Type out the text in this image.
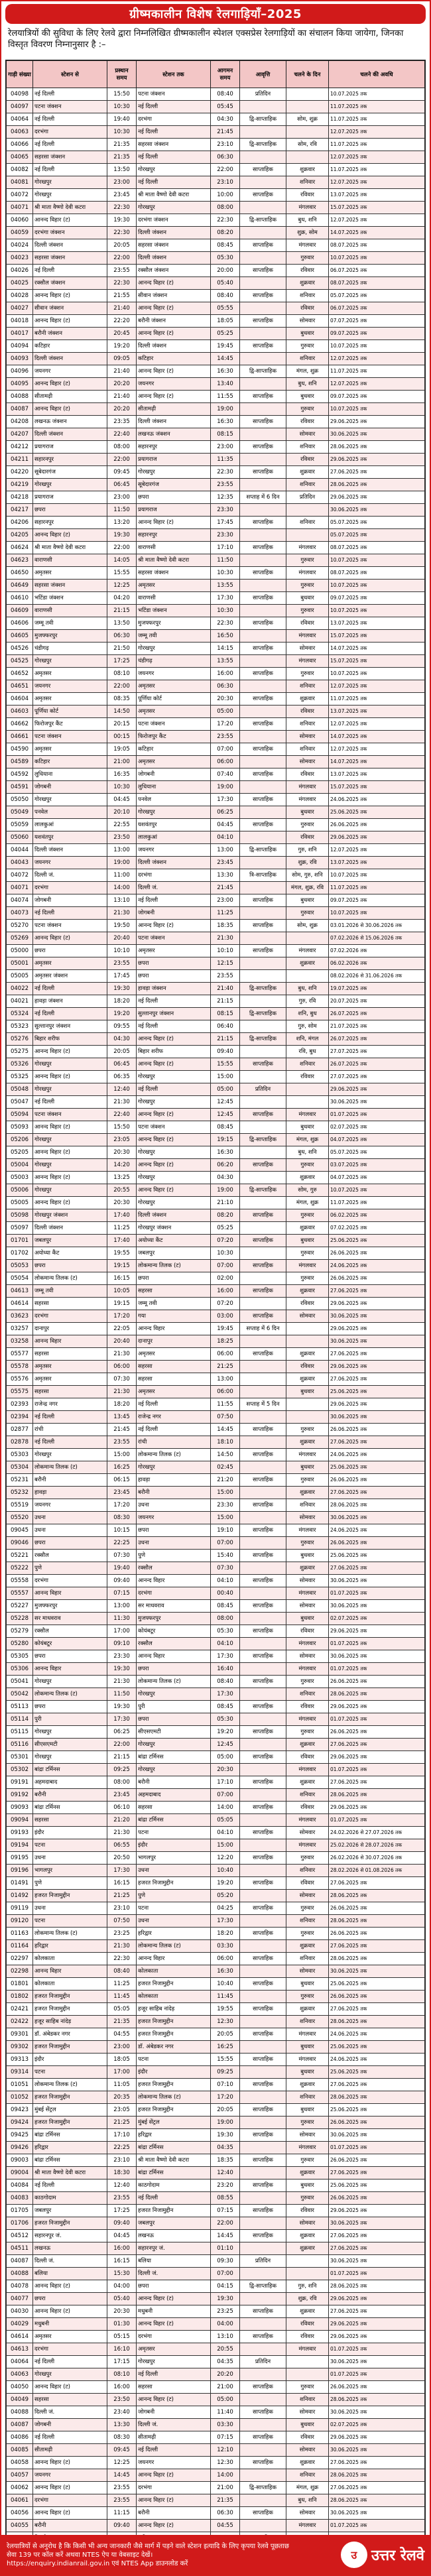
ग्रीष्मकालीन विशेष रेलगाड़ियाँ–2025
रेलयात्रियों की सुविधा के लिए रेलवे द्वारा निम्नलिखित ग्रीष्मकालीन स्पेशल एक्सप्रेस रेलगाड़ियों का संचालन किया जायेगा, जिनका विस्तृत विवरण निम्नानुसार है :–
गाड़ी संख्या	स्टेशन से	प्रस्थान समय	स्टेशन तक	आगमन समय	आवृत्ति	चलने के दिन	चलने की अवधि
04098	नई दिल्ली	15:50	पटना जंक्शन	08:40	प्रतिदिन		10.07.2025 तक
04097	पटना जंक्शन	10:30	नई दिल्ली	05:45			11.07.2025 तक
04064	नई दिल्ली	19:40	दरभंगा	04:30	द्वि-साप्ताहिक	सोम, शुक्र	11.07.2025 तक
04063	दरभंगा	10:30	नई दिल्ली	21:45			12.07.2025 तक
04066	नई दिल्ली	21:35	सहरसा जंक्शन	23:10	द्वि-साप्ताहिक	सोम, रवि	11.07.2025 तक
04065	सहरसा जंक्शन	21:35	नई दिल्ली	06:30			12.07.2025 तक
04082	नई दिल्ली	13:50	गोरखपुर	22:00	साप्ताहिक	शुक्रवार	11.07.2025 तक
04081	गोरखपुर	23:00	नई दिल्ली	23:10		शनिवार	12.07.2025 तक
04072	गोरखपुर	23:45	श्री माता वैष्णो देवी कटरा	10:00	साप्ताहिक	रविवार	13.07.2025 तक
04071	श्री माता वैष्णो देवी कटरा	22:30	गोरखपुर	08:00		मंगलवार	15.07.2025 तक
04060	आनन्द विहार (ट)	19:30	दरभंगा जंक्शन	22:30	द्वि-साप्ताहिक	बुध, शनि	12.07.2025 तक
04059	दरभंगा जंक्शन	22:30	दिल्ली जंक्शन	08:20		शुक्र, सोम	14.07.2025 तक
04024	दिल्ली जंक्शन	20:05	सहरसा जंक्शन	08:45	साप्ताहिक	मंगलवार	08.07.2025 तक
04023	सहरसा जंक्शन	22:00	दिल्ली जंक्शन	05:30		गुरुवार	10.07.2025 तक
04026	नई दिल्ली	23:55	रक्सौल जंक्शन	20:00	साप्ताहिक	रविवार	06.07.2025 तक
04025	रक्सौल जंक्शन	22:30	आनन्द विहार (ट)	05:40		शुक्रवार	08.07.2025 तक
04028	आनन्द विहार (ट)	21:55	सीवान जंक्शन	08:40	साप्ताहिक	शनिवार	05.07.2025 तक
04027	सीवान जंक्शन	21:40	आनन्द विहार (ट)	05:55		रविवार	06.07.2025 तक
04018	आनन्द विहार (ट)	22:20	बरौनी जंक्शन	18:05	साप्ताहिक	सोमवार	07.07.2025 तक
04017	बरौनी जंक्शन	20:45	आनन्द विहार (ट)	05:25		बुधवार	09.07.2025 तक
04094	कटिहार	19:20	दिल्ली जंक्शन	19:45	साप्ताहिक	गुरुवार	10.07.2025 तक
04093	दिल्ली जंक्शन	09:05	कटिहार	14:45		शनिवार	12.07.2025 तक
04096	जयनगर	21:40	आनन्द विहार (ट)	16:30	द्वि-साप्ताहिक	मंगल, शुक्र	11.07.2025 तक
04095	आनन्द विहार (ट)	20:20	जयनगर	13:40		बुध, शनि	12.07.2025 तक
04088	सीतामढ़ी	21:40	आनन्द विहार (ट)	11:55	साप्ताहिक	बुधवार	09.07.2025 तक
04087	आनन्द विहार (ट)	20:20	सीतामढ़ी	19:00		गुरुवार	10.07.2025 तक
04208	लखनऊ जंक्शन	23:35	दिल्ली जंक्शन	16:30	साप्ताहिक	रविवार	29.06.2025 तक
04207	दिल्ली जंक्शन	22:40	लखनऊ जंक्शन	08:15		सोमवार	30.06.2025 तक
04212	प्रयागराज	08:00	सहारनपुर	23:00	साप्ताहिक	शनिवार	28.06.2025 तक
04211	सहारनपुर	22:00	प्रयागराज	11:35		रविवार	29.06.2025 तक
04220	सूबेदारगंज	09:45	गोरखपुर	22:30	साप्ताहिक	शुक्रवार	27.06.2025 तक
04219	गोरखपुर	06:45	सूबेदारगंज	23:55		शनिवार	28.06.2025 तक
04218	प्रयागराज	23:00	छपरा	12:35	सप्ताह में 6 दिन	प्रतिदिन	29.06.2025 तक
04217	छपरा	11:50	प्रयागराज	23:30			30.06.2025 तक
04206	सहारनपुर	13:20	आनन्द विहार (ट)	17:45	साप्ताहिक	शनिवार	05.07.2025 तक
04205	आनन्द विहार (ट)	19:30	सहारनपुर	23:30			05.07.2025 तक
04624	श्री माता वैष्णो देवी कटरा	22:00	वाराणसी	17:10	साप्ताहिक	मंगलवार	08.07.2025 तक
04623	वाराणसी	14:05	श्री माता वैष्णो देवी कटरा	11:50		गुरुवार	10.07.2025 तक
04650	अमृतसर	15:55	सहरसा जंक्शन	10:30	साप्ताहिक	मंगलवार	08.07.2025 तक
04649	सहरसा जंक्शन	12:25	अमृतसर	13:55		गुरुवार	10.07.2025 तक
04610	भटिंडा जंक्शन	04:20	वाराणसी	17:30	साप्ताहिक	बुधवार	09.07.2025 तक
04609	वाराणसी	21:15	भटिंडा जंक्शन	10:30		गुरुवार	10.07.2025 तक
04606	जम्मू तवी	13:50	मुजफ्फरपुर	22:30	साप्ताहिक	रविवार	13.07.2025 तक
04605	मुजफ्फरपुर	06:30	जम्मू तवी	16:50		मंगलवार	15.07.2025 तक
04526	चंडीगढ़	21:50	गोरखपुर	14:15	साप्ताहिक	सोमवार	14.07.2025 तक
04525	गोरखपुर	17:25	चंडीगढ़	13:55		मंगलवार	15.07.2025 तक
04652	अमृतसर	08:10	जयनगर	16:00	साप्ताहिक	गुरुवार	10.07.2025 तक
04651	जयनगर	22:00	अमृतसर	06:30		शनिवार	12.07.2025 तक
04604	अमृतसर	08:35	पूर्णिया कोर्ट	20:30	साप्ताहिक	शुक्रवार	11.07.2025 तक
04603	पूर्णिया कोर्ट	14:50	अमृतसर	05:00		रविवार	13.07.2025 तक
04662	फिरोजपुर कैंट	20:15	पटना जंक्शन	17:20	साप्ताहिक	शनिवार	12.07.2025 तक
04661	पटना जंक्शन	00:15	फिरोजपुर कैंट	23:55		सोमवार	14.07.2025 तक
04590	अमृतसर	19:05	कटिहार	07:00	साप्ताहिक	शनिवार	12.07.2025 तक
04589	कटिहार	21:00	अमृतसर	06:00		सोमवार	14.07.2025 तक
04592	लुधियाना	16:35	जोगबनी	07:40	साप्ताहिक	रविवार	13.07.2025 तक
04591	जोगबनी	10:30	लुधियाना	19:00		मंगलवार	15.07.2025 तक
05050	गोरखपुर	04:45	पनवेल	17:30	साप्ताहिक	मंगलवार	24.06.2025 तक
05049	पनवेल	20:10	गोरखपुर	06:25		बुधवार	25.06.2025 तक
05059	लालकुआं	22:55	यशवंतपुर	04:45	साप्ताहिक	गुरुवार	26.06.2025 तक
05060	यशवंतपुर	23:50	लालकुआं	04:10		रविवार	29.06.2025 तक
04044	दिल्ली जंक्शन	13:00	जयनगर	13:00	द्वि-साप्ताहिक	गुरु, शनि	12.07.2025 तक
04043	जयनगर	19:00	दिल्ली जंक्शन	23:45		शुक्र, रवि	13.07.2025 तक
04072	दिल्ली जं.	11:00	दरभंगा	13:30	त्रि-साप्ताहिक	सोम, गुरु, शनि	10.07.2025 तक
04071	दरभंगा	14:00	दिल्ली जं.	21:45		मंगल, शुक्र, रवि	11.07.2025 तक
04074	जोगबनी	13:10	नई दिल्ली	23:00	साप्ताहिक	बुधवार	09.07.2025 तक
04073	नई दिल्ली	21:30	जोगबनी	11:25		गुरुवार	10.07.2025 तक
05270	पटना जंक्शन	19:50	आनन्द विहार (ट)	18:35	साप्ताहिक	सोम, शुक्र	03.01.2026 से 30.06.2026 तक
05269	आनन्द विहार (ट)	20:40	पटना जंक्शन	21:30			07.02.2026 से 15.06.2026 तक
05000	छपरा	10:10	अमृतसर	10:10	साप्ताहिक	मंगलवार	07.02.2026 तक
05001	अमृतसर	23:55	छपरा	12:15		शुक्रवार	06.02.2026 तक
05005	अमृतसर जंक्शन	17:45	छपरा	23:55			08.02.2026 से 31.06.2026 तक
04022	नई दिल्ली	19:30	हावड़ा जंक्शन	21:40	द्वि-साप्ताहिक	बुध, शनि	19.07.2025 तक
04021	हावड़ा जंक्शन	18:20	नई दिल्ली	21:15		गुरु, रवि	20.07.2025 तक
05324	नई दिल्ली	19:20	सुल्तानपुर जंक्शन	08:15	द्वि-साप्ताहिक	शनि, बुध	26.07.2025 तक
05323	सुल्तानपुर जंक्शन	09:55	नई दिल्ली	06:40		गुरु, सोम	21.07.2025 तक
05276	बिहार शरीफ	04:30	आनन्द विहार (ट)	21:15	द्वि-साप्ताहिक	शनि, मंगल	26.07.2025 तक
05275	आनन्द विहार (ट)	20:05	बिहार शरीफ	09:40		रवि, बुध	27.07.2025 तक
05326	गोरखपुर	06:45	आनन्द विहार (ट)	15:55	साप्ताहिक	शनिवार	26.07.2025 तक
05325	आनन्द विहार (ट)	06:35	गोरखपुर	15:00		रविवार	27.07.2025 तक
05048	गोरखपुर	12:40	नई दिल्ली	05:00	प्रतिदिन		29.06.2025 तक
05047	नई दिल्ली	21:30	गोरखपुर	12:45			30.06.2025 तक
05094	पटना जंक्शन	22:40	आनन्द विहार (ट)	12:45	साप्ताहिक	मंगलवार	01.07.2025 तक
05093	आनन्द विहार (ट)	15:50	पटना जंक्शन	08:45		बुधवार	02.07.2025 तक
05206	गोरखपुर	23:05	आनन्द विहार (ट)	19:15	द्वि-साप्ताहिक	मंगल, शुक्र	04.07.2025 तक
05205	आनन्द विहार (ट)	20:30	गोरखपुर	16:30		बुध, शनि	05.07.2025 तक
05004	गोरखपुर	14:20	आनन्द विहार (ट)	06:20	साप्ताहिक	गुरुवार	03.07.2025 तक
05003	आनन्द विहार (ट)	13:25	गोरखपुर	04:30		शुक्रवार	04.07.2025 तक
05006	गोरखपुर	20:55	आनन्द विहार (ट)	19:00	द्वि-साप्ताहिक	सोम, गुरु	10.07.2025 तक
05005	आनन्द विहार (ट)	20:30	गोरखपुर	21:10		मंगल, शुक्र	11.07.2025 तक
05098	गोरखपुर जंक्शन	17:40	दिल्ली जंक्शन	08:20	साप्ताहिक	गुरुवार	06.02.2025 तक
05097	दिल्ली जंक्शन	11:25	गोरखपुर जंक्शन	05:25		शुक्रवार	07.02.2025 तक
01701	जबलपुर	17:40	अयोध्या कैंट	07:20	साप्ताहिक	बुधवार	25.06.2025 तक
01702	अयोध्या कैंट	19:55	जबलपुर	10:30		गुरुवार	26.06.2025 तक
05053	छपरा	19:15	लोकमान्य तिलक (ट)	07:00	साप्ताहिक	मंगलवार	24.06.2025 तक
05054	लोकमान्य तिलक (ट)	16:15	छपरा	02:00		गुरुवार	26.06.2025 तक
04613	जम्मू तवी	10:05	सहरसा	16:00	साप्ताहिक	शुक्रवार	27.06.2025 तक
04614	सहरसा	19:15	जम्मू तवी	07:20		रविवार	29.06.2025 तक
03623	दरभंगा	17:20	गया	03:00	साप्ताहिक	सोमवार	30.06.2025 तक
03257	दानापुर	22:05	आनन्द विहार	19:45	सप्ताह में 6 दिन		29.06.2025 तक
03258	आनन्द विहार	20:40	दानापुर	18:25			30.06.2025 तक
05577	सहरसा	21:30	अमृतसर	06:00	साप्ताहिक	शुक्रवार	27.06.2025 तक
05578	अमृतसर	06:00	सहरसा	21:25		रविवार	29.06.2025 तक
05576	अमृतसर	07:30	सहरसा	13:00		शुक्रवार	27.06.2025 तक
05575	सहरसा	21:30	अमृतसर	06:00		बुधवार	25.06.2025 तक
02393	राजेन्द्र नगर	18:20	नई दिल्ली	11:55	सप्ताह में 5 दिन		29.06.2025 तक
02394	नई दिल्ली	13:45	राजेन्द्र नगर	07:50			30.06.2025 तक
02877	रांची	21:45	नई दिल्ली	14:45	साप्ताहिक	गुरुवार	26.06.2025 तक
02878	नई दिल्ली	23:55	रांची	18:10		शुक्रवार	27.06.2025 तक
05303	गोरखपुर	15:00	लोकमान्य तिलक (ट)	14:50	साप्ताहिक	मंगलवार	24.06.2025 तक
05304	लोकमान्य तिलक (ट)	16:25	गोरखपुर	02:45		बुधवार	25.06.2025 तक
05231	बरौनी	06:15	हावड़ा	21:20	साप्ताहिक	गुरुवार	26.06.2025 तक
05232	हावड़ा	23:45	बरौनी	15:00		शुक्रवार	27.06.2025 तक
05519	जयनगर	17:20	उधना	23:30	साप्ताहिक	शनिवार	28.06.2025 तक
05520	उधना	08:30	जयनगर	15:00		सोमवार	30.06.2025 तक
09045	उधना	10:15	छपरा	19:10	साप्ताहिक	मंगलवार	24.06.2025 तक
09046	छपरा	22:25	उधना	07:00		गुरुवार	26.06.2025 तक
05221	रक्सौल	07:30	पुणे	15:40	साप्ताहिक	बुधवार	25.06.2025 तक
05222	पुणे	19:40	रक्सौल	07:30		शुक्रवार	27.06.2025 तक
05558	दरभंगा	09:40	आनन्द विहार	04:10	साप्ताहिक	सोमवार	30.06.2025 तक
05557	आनन्द विहार	07:15	दरभंगा	00:40		मंगलवार	01.07.2025 तक
05227	मुजफ्फरपुर	13:00	सर माधवराव	08:45	साप्ताहिक	सोमवार	30.06.2025 तक
05228	सर माधवराव	11:30	मुजफ्फरपुर	08:00		बुधवार	02.07.2025 तक
05279	रक्सौल	17:00	कोयंबटूर	05:30	साप्ताहिक	रविवार	29.06.2025 तक
05280	कोयंबटूर	09:10	रक्सौल	04:10		मंगलवार	01.07.2025 तक
05305	छपरा	23:30	आनन्द विहार	17:30	साप्ताहिक	सोमवार	30.06.2025 तक
05306	आनन्द विहार	19:30	छपरा	16:40		मंगलवार	01.07.2025 तक
05041	गोरखपुर	21:30	लोकमान्य तिलक (ट)	08:40	साप्ताहिक	गुरुवार	26.06.2025 तक
05042	लोकमान्य तिलक (ट)	11:50	गोरखपुर	17:30		शनिवार	28.06.2025 तक
05113	छपरा	19:30	पुरी	08:45	साप्ताहिक	रविवार	29.06.2025 तक
05114	पुरी	17:30	छपरा	05:30		मंगलवार	01.07.2025 तक
05115	गोरखपुर	06:25	सीएसएमटी	19:20	साप्ताहिक	गुरुवार	26.06.2025 तक
05116	सीएसएमटी	22:00	गोरखपुर	12:45		शुक्रवार	27.06.2025 तक
05301	गोरखपुर	21:15	बांद्रा टर्मिनस	05:00	साप्ताहिक	रविवार	29.06.2025 तक
05302	बांद्रा टर्मिनस	09:25	गोरखपुर	20:30		मंगलवार	01.07.2025 तक
09191	अहमदाबाद	08:00	बरौनी	17:10	साप्ताहिक	शुक्रवार	27.06.2025 तक
09192	बरौनी	23:45	अहमदाबाद	07:00		शनिवार	28.06.2025 तक
09093	बांद्रा टर्मिनस	06:10	सहरसा	14:00	साप्ताहिक	रविवार	29.06.2025 तक
09094	सहरसा	21:20	बांद्रा टर्मिनस	05:05		मंगलवार	01.07.2025 तक
09193	इंदौर	21:30	पटना	04:10	साप्ताहिक	सोमवार	24.02.2026 से 27.07.2026 तक
09194	पटना	06:55	इंदौर	15:00		मंगलवार	25.02.2026 से 28.07.2026 तक
09195	उधना	20:50	भागलपुर	12:20	साप्ताहिक	गुरुवार	26.02.2026 से 30.07.2026 तक
09196	भागलपुर	17:30	उधना	10:40		शनिवार	28.02.2026 से 01.08.2026 तक
01491	पुणे	16:15	हजरत निजामुद्दीन	19:20	साप्ताहिक	रविवार	27.06.2025 तक
01492	हजरत निजामुद्दीन	21:25	पुणे	05:20		सोमवार	28.06.2025 तक
09119	उधना	23:10	पटना	04:25	साप्ताहिक	गुरुवार	26.06.2025 तक
09120	पटना	07:50	उधना	17:30		शनिवार	28.06.2025 तक
01163	लोकमान्य तिलक (ट)	23:25	हरिद्वार	18:20	साप्ताहिक	गुरुवार	26.06.2025 तक
01164	हरिद्वार	21:30	लोकमान्य तिलक (ट)	03:30		शुक्रवार	27.06.2025 तक
02297	कोलकाता	22:30	आनन्द विहार	06:00	साप्ताहिक	शनिवार	28.06.2025 तक
02298	आनन्द विहार	08:40	कोलकाता	16:30		सोमवार	30.06.2025 तक
01801	कोलकाता	11:25	हजरत निजामुद्दीन	10:40	साप्ताहिक	बुधवार	25.06.2025 तक
01802	हजरत निजामुद्दीन	11:45	कोलकाता	11:45		गुरुवार	26.06.2025 तक
02421	हजरत निजामुद्दीन	05:05	हजूर साहिब नांदेड़	19:55	साप्ताहिक	शुक्रवार	27.06.2025 तक
02422	हजूर साहिब नांदेड़	21:35	हजरत निजामुद्दीन	12:30		शनिवार	28.06.2025 तक
09301	डॉ. अंबेडकर नगर	04:55	हजरत निजामुद्दीन	20:05	साप्ताहिक	मंगलवार	24.06.2025 तक
09302	हजरत निजामुद्दीन	23:00	डॉ. अंबेडकर नगर	16:25		बुधवार	25.06.2025 तक
09313	इंदौर	18:05	पटना	15:55	साप्ताहिक	मंगलवार	24.06.2025 तक
09314	पटना	17:00	इंदौर	09:25		बुधवार	25.06.2025 तक
01051	लोकमान्य तिलक (ट)	11:05	हजरत निजामुद्दीन	07:10	साप्ताहिक	शुक्रवार	27.06.2025 तक
01052	हजरत निजामुद्दीन	20:35	लोकमान्य तिलक (ट)	17:20		शनिवार	28.06.2025 तक
09423	मुंबई सेंट्रल	23:05	हजरत निजामुद्दीन	20:05	साप्ताहिक	बुधवार	25.06.2025 तक
09424	हजरत निजामुद्दीन	21:25	मुंबई सेंट्रल	19:00		गुरुवार	26.06.2025 तक
09425	बांद्रा टर्मिनस	17:10	हरिद्वार	19:30	साप्ताहिक	सोमवार	30.06.2025 तक
09426	हरिद्वार	22:25	बांद्रा टर्मिनस	04:35		मंगलवार	01.07.2025 तक
09003	बांद्रा टर्मिनस	23:10	श्री माता वैष्णो देवी कटरा	18:35	साप्ताहिक	गुरुवार	26.06.2025 तक
09004	श्री माता वैष्णो देवी कटरा	18:30	बांद्रा टर्मिनस	12:40		शुक्रवार	27.06.2025 तक
04084	नई दिल्ली	12:40	काठगोदाम	23:20	साप्ताहिक	बुधवार	25.06.2025 तक
04083	काठगोदाम	23:55	नई दिल्ली	08:55		गुरुवार	26.06.2025 तक
01705	जबलपुर	17:25	हजरत निजामुद्दीन	07:15	साप्ताहिक	रविवार	29.06.2025 तक
01706	हजरत निजामुद्दीन	09:40	जबलपुर	22:00		सोमवार	30.06.2025 तक
04512	सहारनपुर जं.	04:45	लखनऊ	14:45	साप्ताहिक	शुक्रवार	27.06.2025 तक
04511	लखनऊ	16:00	सहारनपुर जं.	01:10		शुक्रवार	27.06.2025 तक
04087	दिल्ली जं.	16:15	बलिया	09:30	प्रतिदिन		30.06.2025 तक
04088	बलिया	15:30	दिल्ली जं.	07:00			01.07.2025 तक
04078	आनन्द विहार (ट)	04:00	छपरा	04:15	द्वि-साप्ताहिक	गुरु, शनि	28.06.2025 तक
04077	छपरा	05:40	आनन्द विहार (ट)	19:30		शुक्र, रवि	29.06.2025 तक
04030	आनन्द विहार (ट)	20:30	मधुबनी	23:25	साप्ताहिक	शुक्रवार	27.06.2025 तक
04029	मधुबनी	01:30	आनन्द विहार (ट)	04:00		रविवार	29.06.2025 तक
04614	अमृतसर	05:15	दरभंगा	13:10	साप्ताहिक	रविवार	29.06.2025 तक
04613	दरभंगा	16:10	अमृतसर	20:55		मंगलवार	01.07.2025 तक
04064	नई दिल्ली	17:15	गोरखपुर	04:35	प्रतिदिन		30.06.2025 तक
04063	गोरखपुर	08:10	नई दिल्ली	20:20			01.07.2025 तक
04050	आनन्द विहार (ट)	16:00	सहरसा	21:00	साप्ताहिक	गुरुवार	26.06.2025 तक
04049	सहरसा	23:50	आनन्द विहार (ट)	05:00		शनिवार	28.06.2025 तक
04088	दिल्ली जं.	23:40	जोगबनी	11:40	साप्ताहिक	सोमवार	30.06.2025 तक
04087	जोगबनी	13:30	दिल्ली जं.	03:30		बुधवार	02.07.2025 तक
04086	नई दिल्ली	08:30	सीतामढ़ी	07:15	साप्ताहिक	रविवार	29.06.2025 तक
04085	सीतामढ़ी	09:45	नई दिल्ली	12:10		सोमवार	30.06.2025 तक
04058	आनन्द विहार (ट)	12:25	जयनगर	12:30	साप्ताहिक	शुक्रवार	27.06.2025 तक
04057	जयनगर	14:45	आनन्द विहार (ट)	14:00		शनिवार	28.06.2025 तक
04062	आनन्द विहार (ट)	23:55	दरभंगा	21:00	द्वि-साप्ताहिक	मंगल, शुक्र	27.06.2025 तक
04061	दरभंगा	23:55	आनन्द विहार (ट)	21:35		बुध, शनि	28.06.2025 तक
04056	आनन्द विहार (ट)	11:15	बरौनी	06:30	साप्ताहिक	सोमवार	30.06.2025 तक
04055	बरौनी	09:40	आनन्द विहार (ट)	04:55		मंगलवार	01.07.2025 तक

रेलयात्रियों से अनुरोध है कि किसी भी अन्य जानकारी जैसे मार्ग में पड़ने वाले स्टेशन इत्यादि के लिए कृपया रेलवे पूछताछ सेवा 139 पर कॉल करें अथवा NTES ऐप या वेबसाइट देखें।
https://enquiry.indianrail.gov.in एवं NTES App डाउनलोड करें
उ उत्तर रेलवे
